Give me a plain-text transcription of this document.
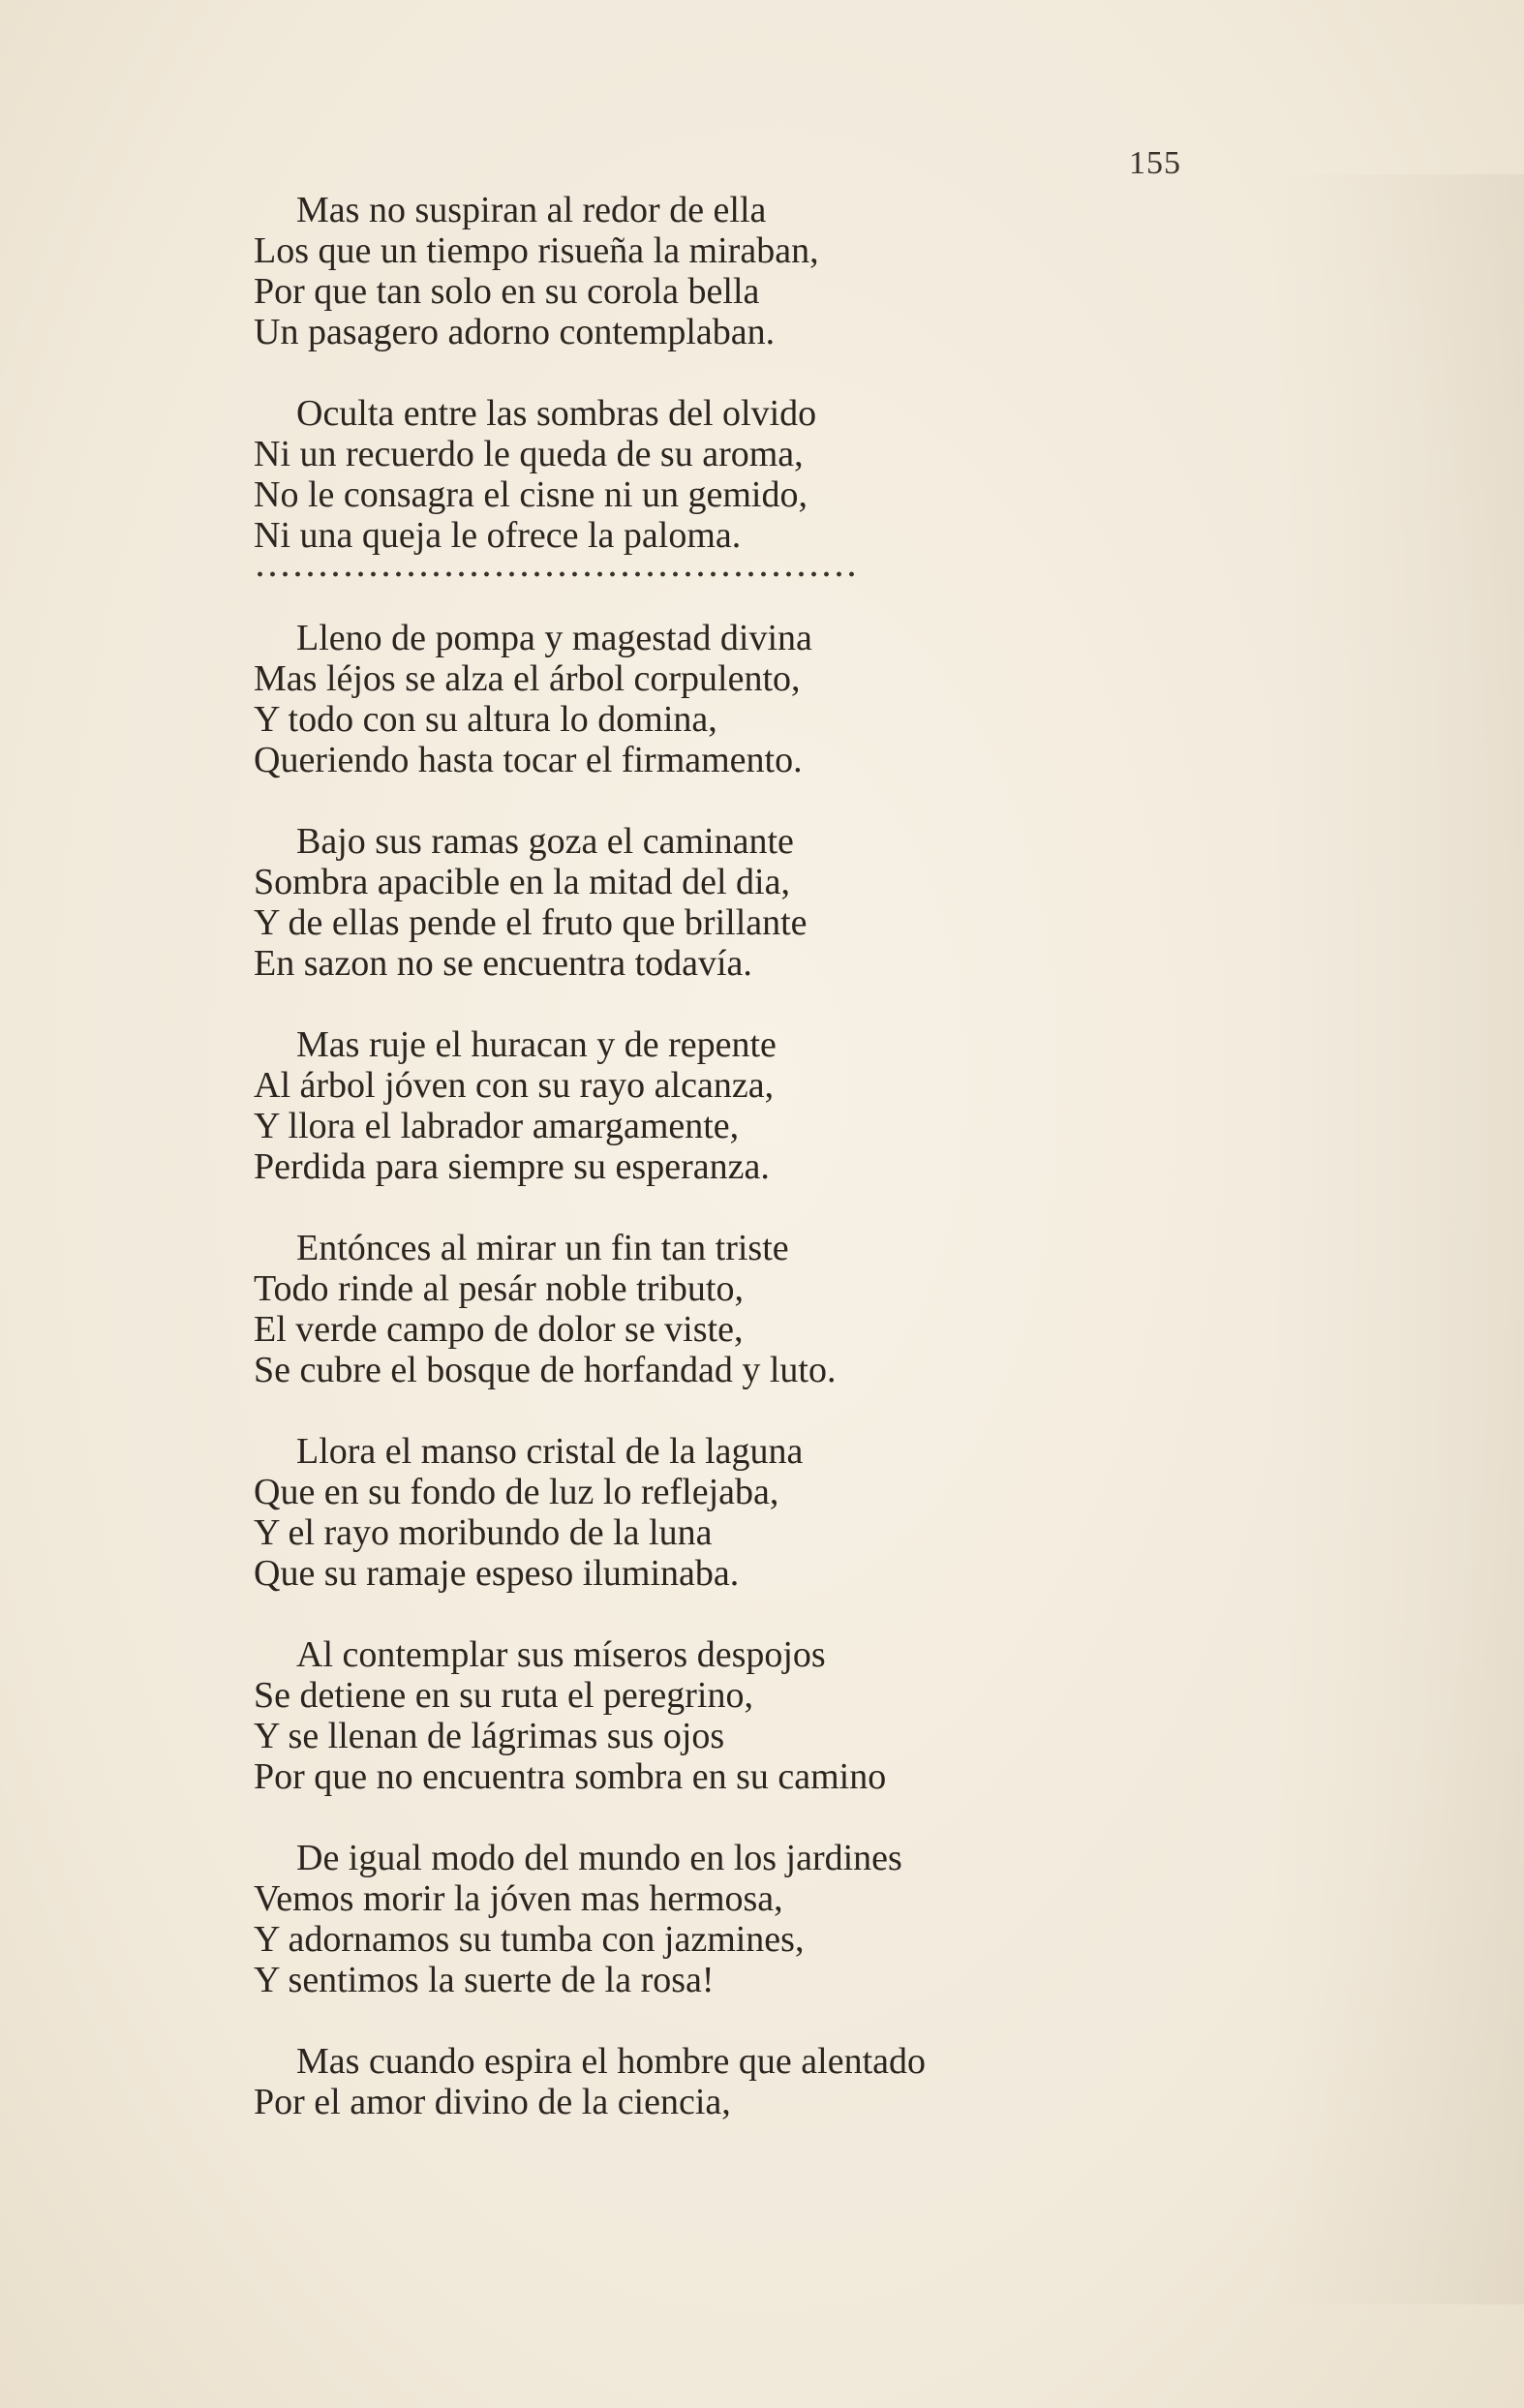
155
Mas no suspiran al redor de ella
Los que un tiempo risueña la miraban,
Por que tan solo en su corola bella
Un pasagero adorno contemplaban.
Oculta entre las sombras del olvido
Ni un recuerdo le queda de su aroma,
No le consagra el cisne ni un gemido,
Ni una queja le ofrece la paloma.
Lleno de pompa y magestad divina
Mas léjos se alza el árbol corpulento,
Y todo con su altura lo domina,
Queriendo hasta tocar el firmamento.
Bajo sus ramas goza el caminante
Sombra apacible en la mitad del dia,
Y de ellas pende el fruto que brillante
En sazon no se encuentra todavía.
Mas ruje el huracan y de repente
Al árbol jóven con su rayo alcanza,
Y llora el labrador amargamente,
Perdida para siempre su esperanza.
Entónces al mirar un fin tan triste
Todo rinde al pesár noble tributo,
El verde campo de dolor se viste,
Se cubre el bosque de horfandad y luto.
Llora el manso cristal de la laguna
Que en su fondo de luz lo reflejaba,
Y el rayo moribundo de la luna
Que su ramaje espeso iluminaba.
Al contemplar sus míseros despojos
Se detiene en su ruta el peregrino,
Y se llenan de lágrimas sus ojos
Por que no encuentra sombra en su camino
De igual modo del mundo en los jardines
Vemos morir la jóven mas hermosa,
Y adornamos su tumba con jazmines,
Y sentimos la suerte de la rosa!
Mas cuando espira el hombre que alentado
Por el amor divino de la ciencia,
